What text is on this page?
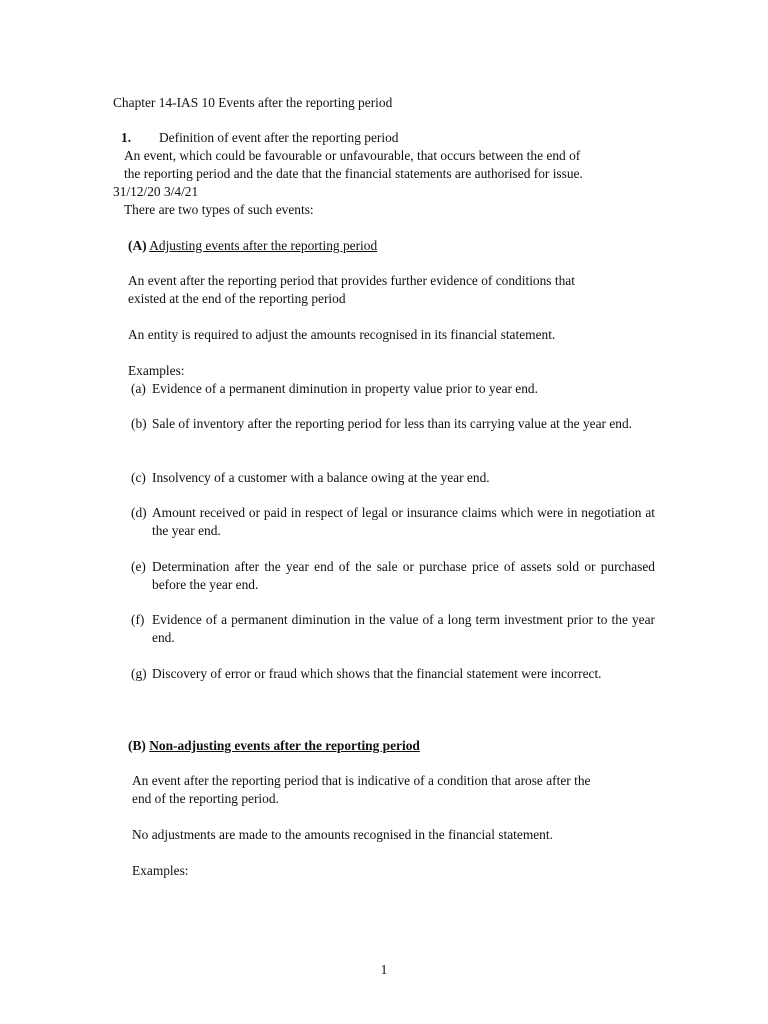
Chapter 14-IAS 10 Events after the reporting period
1. Definition of event after the reporting period
An event, which could be favourable or unfavourable, that occurs between the end of
the reporting period and the date that the financial statements are authorised for issue.
31/12/20 3/4/21
There are two types of such events:
(A) Adjusting events after the reporting period
An event after the reporting period that provides further evidence of conditions that
existed at the end of the reporting period
An entity is required to adjust the amounts recognised in its financial statement.
Examples:
(a) Evidence of a permanent diminution in property value prior to year end.
(b) Sale of inventory after the reporting period for less than its carrying value at the year end.
(c) Insolvency of a customer with a balance owing at the year end.
(d) Amount received or paid in respect of legal or insurance claims which were in negotiation at the year end.
(e) Determination after the year end of the sale or purchase price of assets sold or purchased before the year end.
(f) Evidence of a permanent diminution in the value of a long term investment prior to the year end.
(g) Discovery of error or fraud which shows that the financial statement were incorrect.
(B) Non-adjusting events after the reporting period
An event after the reporting period that is indicative of a condition that arose after the
end of the reporting period.
No adjustments are made to the amounts recognised in the financial statement.
Examples:
1
